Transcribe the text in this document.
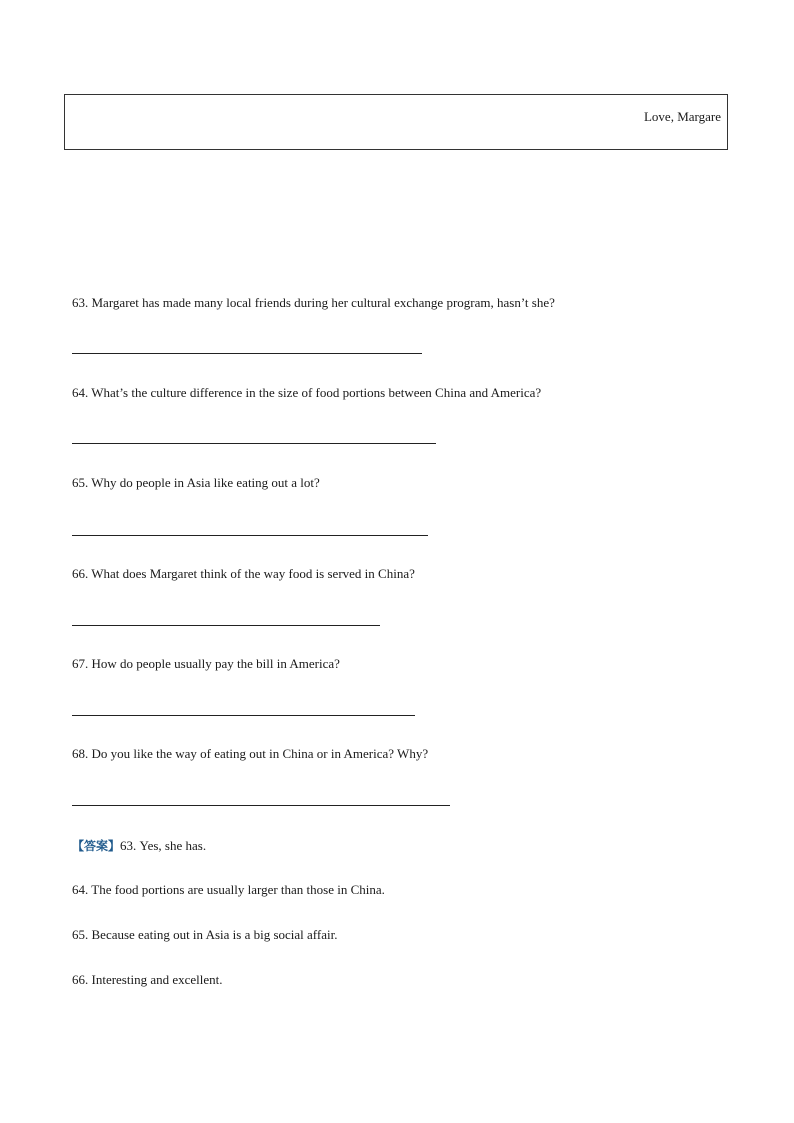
Love, Margare
63. Margaret has made many local friends during her cultural exchange program, hasn’t she?
64. What’s the culture difference in the size of food portions between China and America?
65. Why do people in Asia like eating out a lot?
66. What does Margaret think of the way food is served in China?
67. How do people usually pay the bill in America?
68. Do you like the way of eating out in China or in America? Why?
【答案】63. Yes, she has.
64. The food portions are usually larger than those in China.
65. Because eating out in Asia is a big social affair.
66. Interesting and excellent.
